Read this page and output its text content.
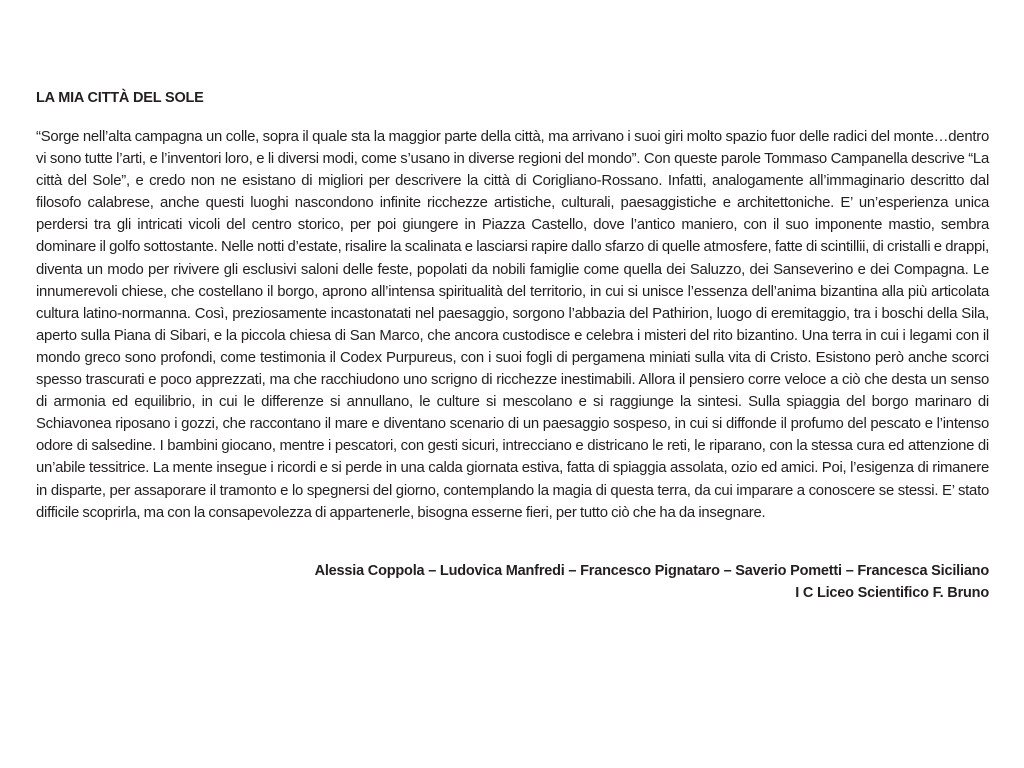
LA MIA CITTÀ DEL SOLE

“Sorge nell’alta campagna un colle, sopra il quale sta la maggior parte della città, ma arrivano i suoi giri molto spazio fuor delle radici del monte…dentro vi sono tutte l’arti, e l’inventori loro, e li diversi modi, come s’usano in diverse regioni del mondo”. Con queste parole Tommaso Campanella descrive “La città del Sole”, e credo non ne esistano di migliori per descrivere la città di Corigliano-Rossano. Infatti, analogamente all’immaginario descritto dal filosofo calabrese, anche questi luoghi nascondono infinite ricchezze artistiche, culturali, paesaggistiche e architettoniche. E’ un’esperienza unica perdersi tra gli intricati vicoli del centro storico, per poi giungere in Piazza Castello, dove l’antico maniero, con il suo imponente mastio, sembra dominare il golfo sottostante. Nelle notti d’estate, risalire la scalinata e lasciarsi rapire dallo sfarzo di quelle atmosfere, fatte di scintillii, di cristalli e drappi, diventa un modo per rivivere gli esclusivi saloni delle feste, popolati da nobili famiglie come quella dei Saluzzo, dei Sanseverino e dei Compagna. Le innumerevoli chiese, che costellano il borgo, aprono all’intensa spiritualità del territorio, in cui si unisce l’essenza dell’anima bizantina alla più articolata cultura latino-normanna. Così, preziosamente incastonatati nel paesaggio, sorgono l’abbazia del Pathirion, luogo di eremitaggio, tra i boschi della Sila, aperto sulla Piana di Sibari, e la piccola chiesa di San Marco, che ancora custodisce e celebra i misteri del rito bizantino. Una terra in cui i legami con il mondo greco sono profondi, come testimonia il Codex Purpureus, con i suoi fogli di pergamena miniati sulla vita di Cristo. Esistono però anche scorci spesso trascurati e poco apprezzati, ma che racchiudono uno scrigno di ricchezze inestimabili. Allora il pensiero corre veloce a ciò che desta un senso di armonia ed equilibrio, in cui le differenze si annullano, le culture si mescolano e si raggiunge la sintesi. Sulla spiaggia del borgo marinaro di Schiavonea riposano i gozzi, che raccontano il mare e diventano scenario di un paesaggio sospeso, in cui si diffonde il profumo del pescato e l’intenso odore di salsedine. I bambini giocano, mentre i pescatori, con gesti sicuri, intrecciano e districano le reti, le riparano, con la stessa cura ed attenzione di un’abile tessitrice. La mente insegue i ricordi e si perde in una calda giornata estiva, fatta di spiaggia assolata, ozio ed amici. Poi, l’esigenza di rimanere in disparte, per assaporare il tramonto e lo spegnersi del giorno, contemplando la magia di questa terra, da cui imparare a conoscere se stessi. E’ stato difficile scoprirla, ma con la consapevolezza di appartenerle, bisogna esserne fieri, per tutto ciò che ha da insegnare.

Alessia Coppola – Ludovica Manfredi – Francesco Pignataro – Saverio Pometti – Francesca Siciliano
I C Liceo Scientifico F. Bruno
